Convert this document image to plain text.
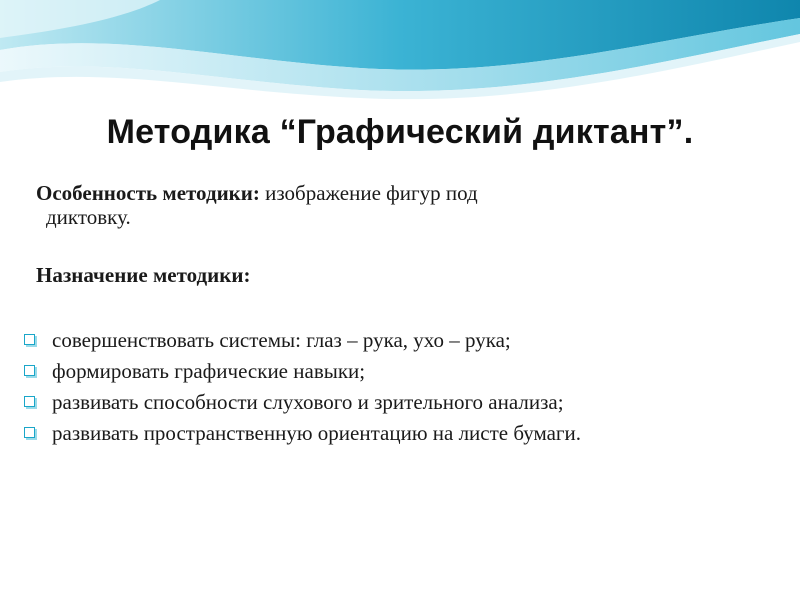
Методика “Графический диктант”.
Особенность методики: изображение фигур под
диктовку.
Назначение методики:
совершенствовать системы: глаз – рука, ухо – рука;
формировать графические навыки;
развивать способности слухового и зрительного анализа;
развивать пространственную ориентацию на листе бумаги.
